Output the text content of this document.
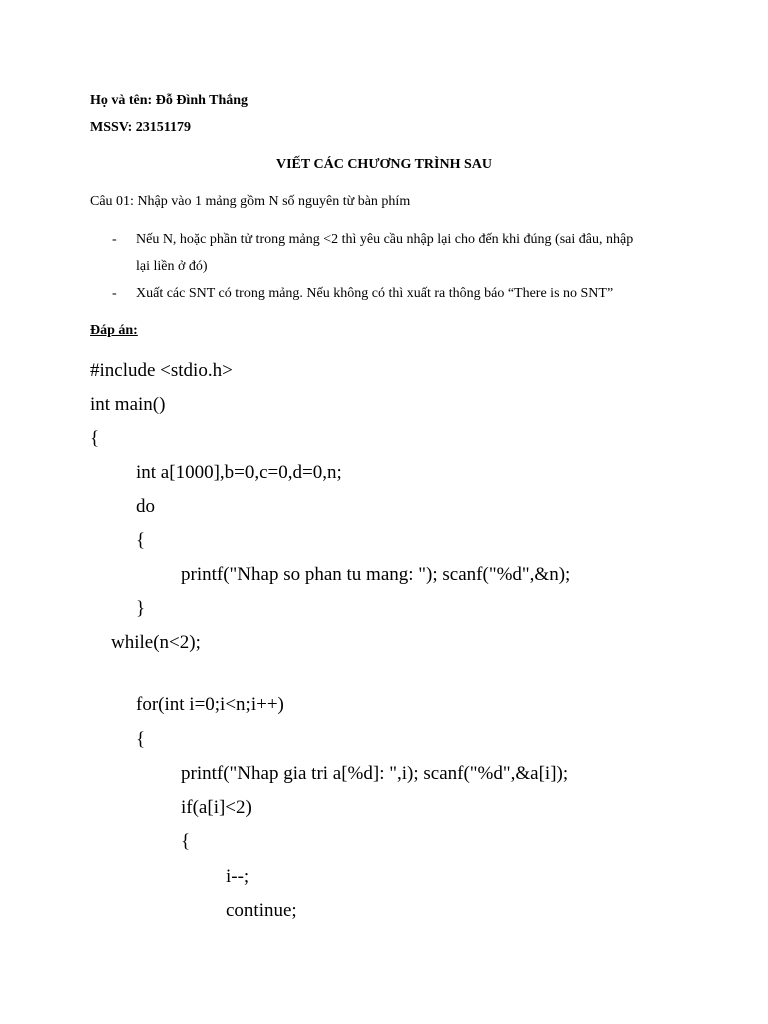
Họ và tên: Đỗ Đình Thắng
MSSV: 23151179
VIẾT CÁC CHƯƠNG TRÌNH SAU
Câu 01: Nhập vào 1 mảng gồm N số nguyên từ bàn phím
- Nếu N, hoặc phần tử trong mảng <2 thì yêu cầu nhập lại cho đến khi đúng (sai đâu, nhập
lại liền ở đó)
- Xuất các SNT có trong mảng. Nếu không có thì xuất ra thông báo “There is no SNT”
Đáp án:
#include <stdio.h>
int main()
{
int a[1000],b=0,c=0,d=0,n;
do
{
printf("Nhap so phan tu mang: "); scanf("%d",&n);
}
while(n<2);
for(int i=0;i<n;i++)
{
printf("Nhap gia tri a[%d]: ",i); scanf("%d",&a[i]);
if(a[i]<2)
{
i--;
continue;
